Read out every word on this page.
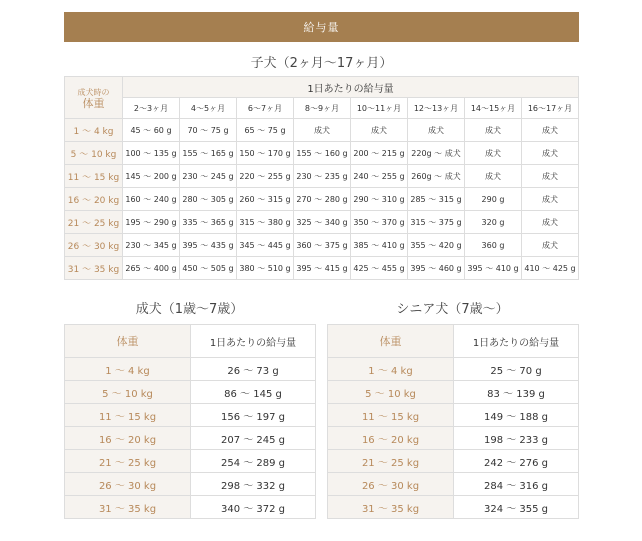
給与量
子犬（2ヶ月〜17ヶ月）
成犬時の
体重	1日あたりの給与量							
	2〜3ヶ月	4〜5ヶ月	6〜7ヶ月	8〜9ヶ月	10〜11ヶ月	12〜13ヶ月	14〜15ヶ月	16〜17ヶ月
1 〜 4 kg	45 〜 60 g	70 〜 75 g	65 〜 75 g	成犬	成犬	成犬	成犬	成犬
5 〜 10 kg	100 〜 135 g	155 〜 165 g	150 〜 170 g	155 〜 160 g	200 〜 215 g	220g 〜 成犬	成犬	成犬
11 〜 15 kg	145 〜 200 g	230 〜 245 g	220 〜 255 g	230 〜 235 g	240 〜 255 g	260g 〜 成犬	成犬	成犬
16 〜 20 kg	160 〜 240 g	280 〜 305 g	260 〜 315 g	270 〜 280 g	290 〜 310 g	285 〜 315 g	290 g	成犬
21 〜 25 kg	195 〜 290 g	335 〜 365 g	315 〜 380 g	325 〜 340 g	350 〜 370 g	315 〜 375 g	320 g	成犬
26 〜 30 kg	230 〜 345 g	395 〜 435 g	345 〜 445 g	360 〜 375 g	385 〜 410 g	355 〜 420 g	360 g	成犬
31 〜 35 kg	265 〜 400 g	450 〜 505 g	380 〜 510 g	395 〜 415 g	425 〜 455 g	395 〜 460 g	395 〜 410 g	410 〜 425 g
成犬（1歳〜7歳）
体重	1日あたりの給与量
1 〜 4 kg	26 〜 73 g
5 〜 10 kg	86 〜 145 g
11 〜 15 kg	156 〜 197 g
16 〜 20 kg	207 〜 245 g
21 〜 25 kg	254 〜 289 g
26 〜 30 kg	298 〜 332 g
31 〜 35 kg	340 〜 372 g
シニア犬（7歳〜）
体重	1日あたりの給与量
1 〜 4 kg	25 〜 70 g
5 〜 10 kg	83 〜 139 g
11 〜 15 kg	149 〜 188 g
16 〜 20 kg	198 〜 233 g
21 〜 25 kg	242 〜 276 g
26 〜 30 kg	284 〜 316 g
31 〜 35 kg	324 〜 355 g
